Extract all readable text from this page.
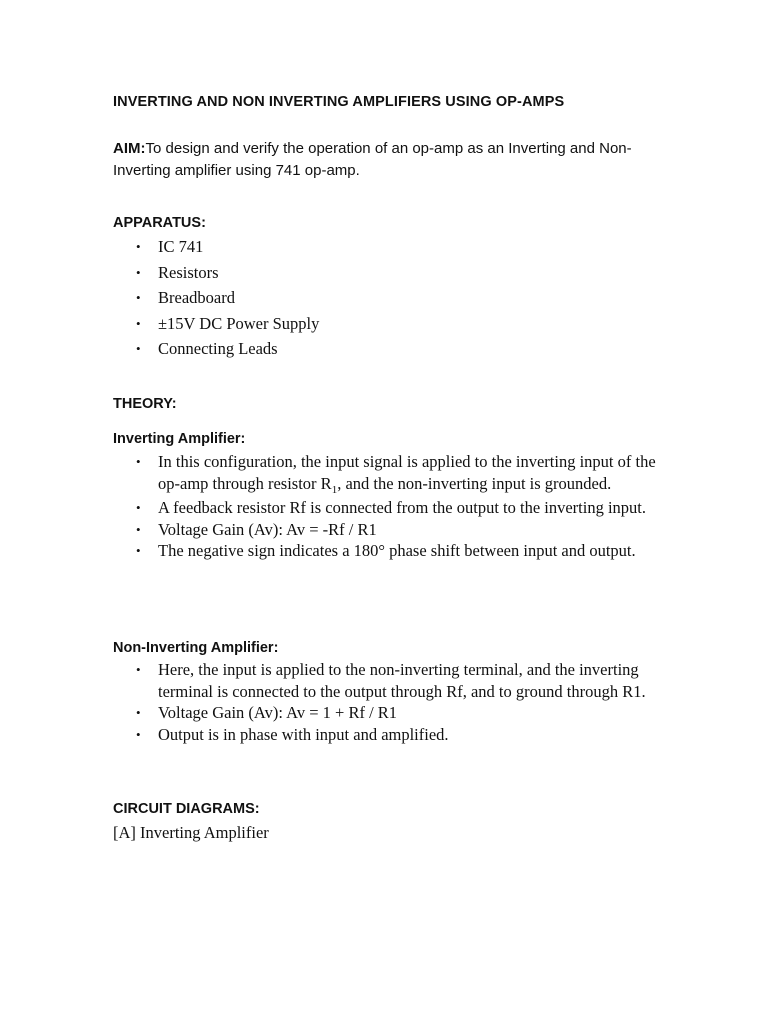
INVERTING AND NON INVERTING AMPLIFIERS USING OP-AMPS
AIM:To design and verify the operation of an op-amp as an Inverting and Non-Inverting amplifier using 741 op-amp.
APPARATUS:
• IC 741
• Resistors
• Breadboard
• ±15V DC Power Supply
• Connecting Leads
THEORY:
Inverting Amplifier:
• In this configuration, the input signal is applied to the inverting input of the op-amp through resistor $R_1$, and the non-inverting input is grounded.
• A feedback resistor Rf is connected from the output to the inverting input.
• Voltage Gain (Av): Av = -Rf / R1
• The negative sign indicates a 180° phase shift between input and output.
Non-Inverting Amplifier:
• Here, the input is applied to the non-inverting terminal, and the inverting terminal is connected to the output through Rf, and to ground through R1.
• Voltage Gain (Av): Av = 1 + Rf / R1
• Output is in phase with input and amplified.
CIRCUIT DIAGRAMS:
[A] Inverting Amplifier
